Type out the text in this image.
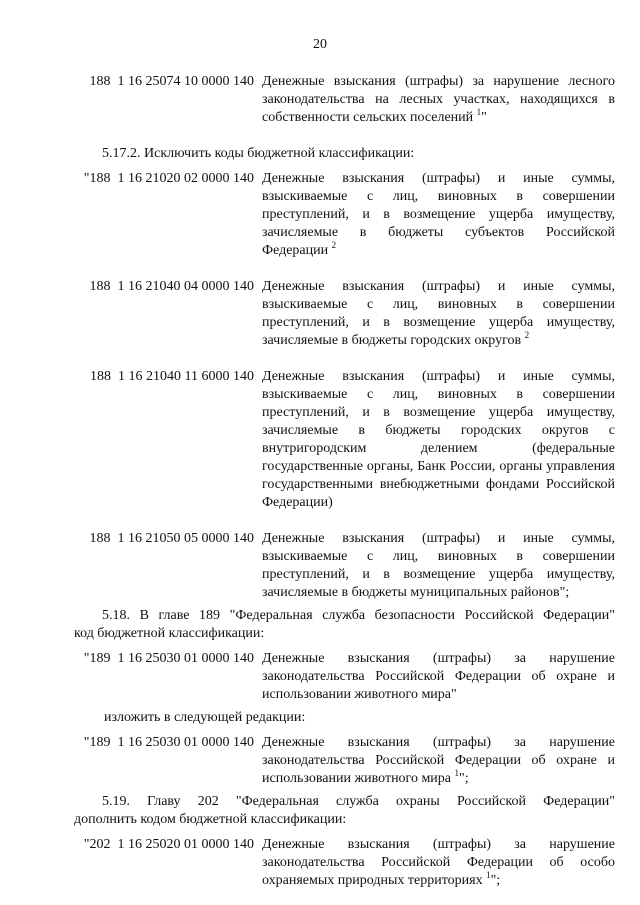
20
188  1 16 25074 10 0000 140 Денежные взыскания (штрафы) за нарушение лесного законодательства на лесных участках, находящихся в собственности сельских поселений $^1$"
5.17.2. Исключить коды бюджетной классификации:
"188  1 16 21020 02 0000 140 Денежные взыскания (штрафы) и иные суммы, взыскиваемые с лиц, виновных в совершении преступлений, и в возмещение ущерба имуществу, зачисляемые в бюджеты субъектов Российской Федерации $^2$
188  1 16 21040 04 0000 140 Денежные взыскания (штрафы) и иные суммы, взыскиваемые с лиц, виновных в совершении преступлений, и в возмещение ущерба имуществу, зачисляемые в бюджеты городских округов $^2$
188  1 16 21040 11 6000 140 Денежные взыскания (штрафы) и иные суммы, взыскиваемые с лиц, виновных в совершении преступлений, и в возмещение ущерба имуществу, зачисляемые в бюджеты городских округов с внутригородским делением (федеральные государственные органы, Банк России, органы управления государственными внебюджетными фондами Российской Федерации)
188  1 16 21050 05 0000 140 Денежные взыскания (штрафы) и иные суммы, взыскиваемые с лиц, виновных в совершении преступлений, и в возмещение ущерба имуществу, зачисляемые в бюджеты муниципальных районов";
5.18. В главе 189 "Федеральная служба безопасности Российской Федерации"
код бюджетной классификации:
"189  1 16 25030 01 0000 140 Денежные взыскания (штрафы) за нарушение законодательства Российской Федерации об охране и использовании животного мира"
изложить в следующей редакции:
"189  1 16 25030 01 0000 140 Денежные взыскания (штрафы) за нарушение законодательства Российской Федерации об охране и использовании животного мира $^1$";
5.19. Главу 202 "Федеральная служба охраны Российской Федерации"
дополнить кодом бюджетной классификации:
"202  1 16 25020 01 0000 140 Денежные взыскания (штрафы) за нарушение законодательства Российской Федерации об особо охраняемых природных территориях $^1$";
